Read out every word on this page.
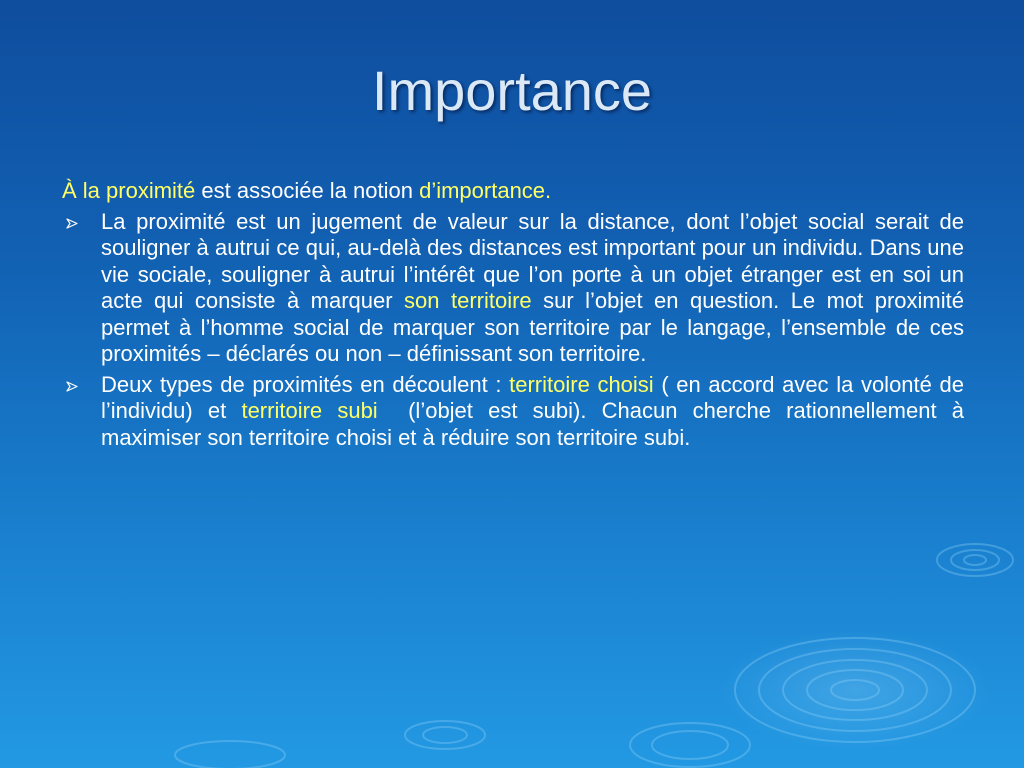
Importance

À la proximité est associée la notion d’importance.

La proximité est un jugement de valeur sur la distance, dont l’objet social serait de souligner à autrui ce qui, au-delà des distances est important pour un individu. Dans une vie sociale, souligner à autrui l’intérêt que l’on porte à un objet étranger est en soi un acte qui consiste à marquer son territoire sur l’objet en question. Le mot proximité permet à l’homme social de marquer son territoire par le langage, l’ensemble de ces proximités – déclarés ou non – définissant son territoire.
Deux types de proximités en découlent : territoire choisi ( en accord avec la volonté de l’individu) et territoire subi  (l’objet est subi). Chacun cherche rationnellement à maximiser son territoire choisi et à réduire son territoire subi.
